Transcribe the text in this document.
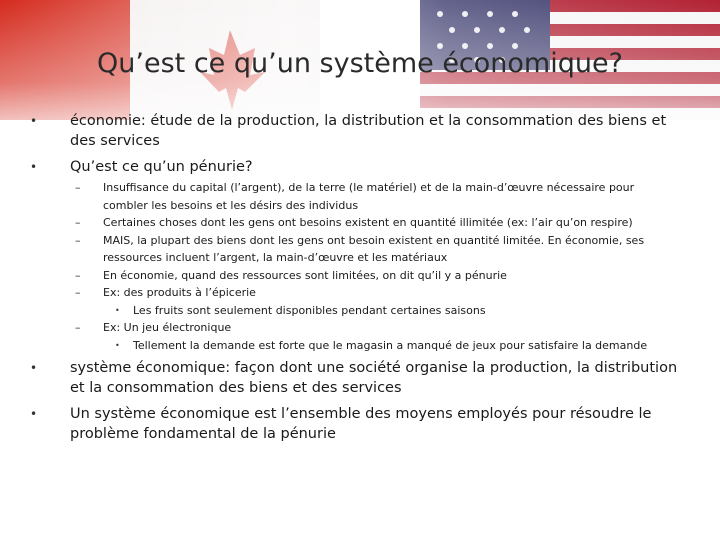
Qu’est ce qu’un système économique?
• économie: étude de la production, la distribution et la consommation des biens et des services
• Qu’est ce qu’un pénurie?
– Insuffisance du capital (l’argent), de la terre (le matériel) et de la main-d’œuvre nécessaire pour combler les besoins et les désirs des individus
– Certaines choses dont les gens ont besoins existent en quantité illimitée (ex: l’air qu’on respire)
– MAIS, la plupart des biens dont les gens ont besoin existent en quantité limitée. En économie, ses ressources incluent l’argent, la main-d’œuvre et les matériaux
– En économie, quand des ressources sont limitées, on dit qu’il y a pénurie
– Ex: des produits à l’épicerie
• Les fruits sont seulement disponibles pendant certaines saisons
– Ex: Un jeu électronique
• Tellement la demande est forte que le magasin a manqué de jeux pour satisfaire la demande
• système économique: façon dont une société organise la production, la distribution et la consommation des biens et des services
• Un système économique est l’ensemble des moyens employés pour résoudre le problème fondamental de la pénurie
